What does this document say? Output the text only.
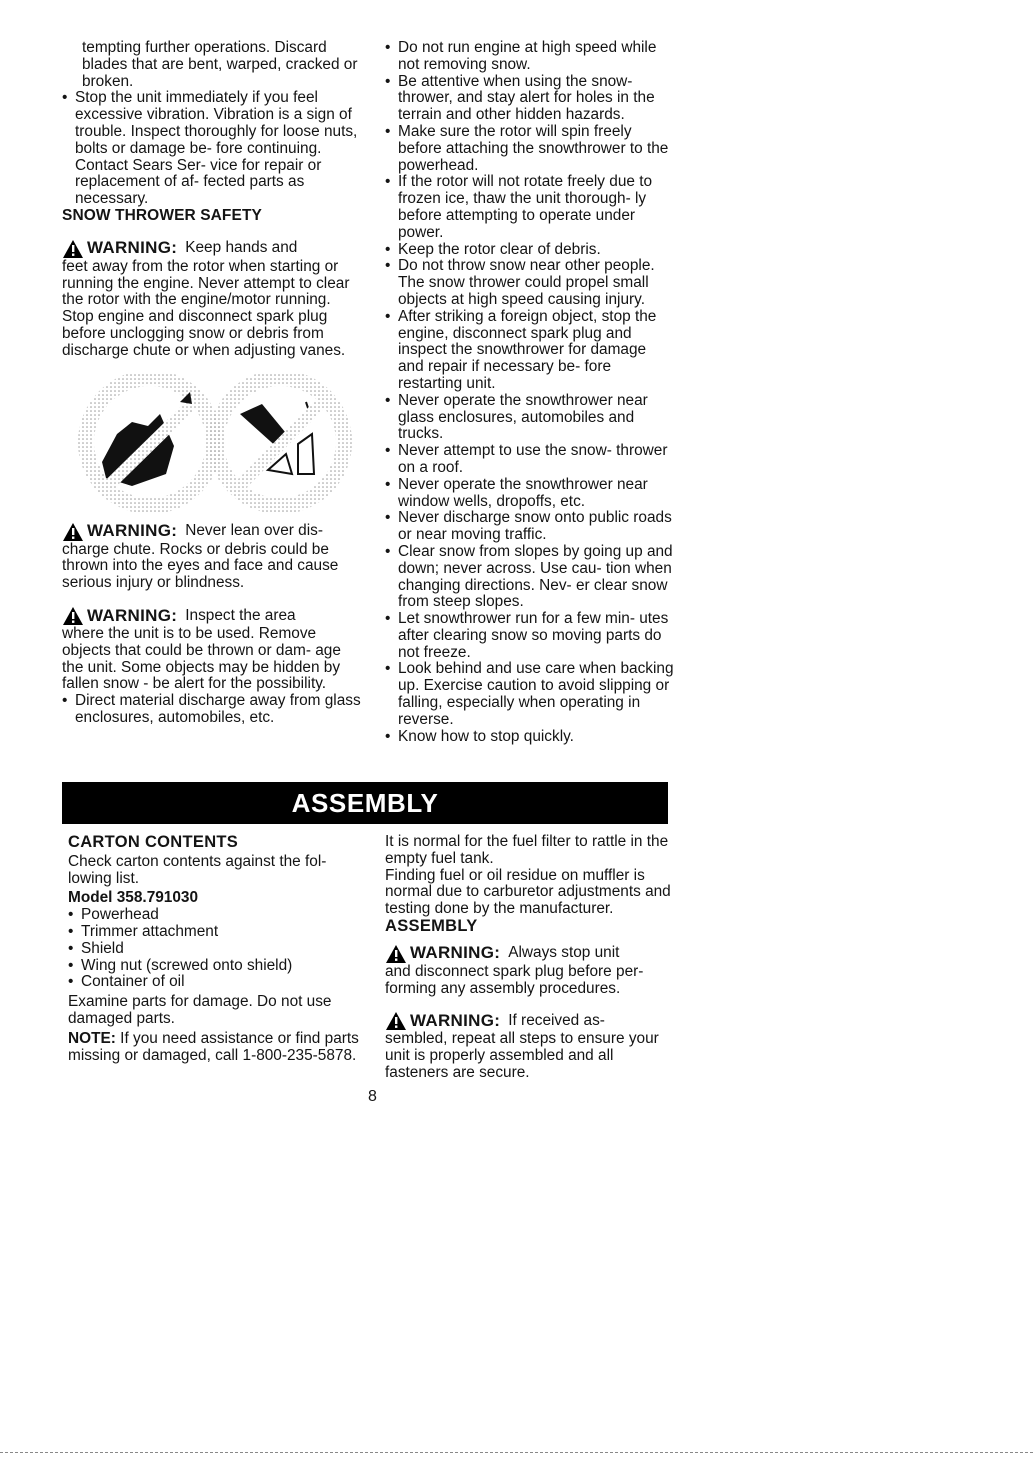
tempting further operations. Discard blades that are bent, warped, cracked or broken.

• Stop the unit immediately if you feel excessive vibration. Vibration is a sign of trouble. Inspect thoroughly for loose nuts, bolts or damage be- fore continuing. Contact Sears Ser- vice for repair or replacement of af- fected parts as necessary.

SNOW THROWER SAFETY

WARNING: Keep hands and

feet away from the rotor when starting or running the engine. Never attempt to clear the rotor with the engine/motor running. Stop engine and disconnect spark plug before unclogging snow or debris from discharge chute or when adjusting vanes.

WARNING: Never lean over dis-

charge chute. Rocks or debris could be thrown into the eyes and face and cause serious injury or blindness.

WARNING: Inspect the area

where the unit is to be used. Remove objects that could be thrown or dam- age the unit. Some objects may be hidden by fallen snow - be alert for the possibility.

• Direct material discharge away from glass enclosures, automobiles, etc.

• Do not run engine at high speed while not removing snow.

• Be attentive when using the snow- thrower, and stay alert for holes in the terrain and other hidden hazards.

• Make sure the rotor will spin freely before attaching the snowthrower to the powerhead.

• If the rotor will not rotate freely due to frozen ice, thaw the unit thorough- ly before attempting to operate under power.

• Keep the rotor clear of debris.

• Do not throw snow near other people. The snow thrower could propel small objects at high speed causing injury.

• After striking a foreign object, stop the engine, disconnect spark plug and inspect the snowthrower for damage and repair if necessary be- fore restarting unit.

• Never operate the snowthrower near glass enclosures, automobiles and trucks.

• Never attempt to use the snow- thrower on a roof.

• Never operate the snowthrower near window wells, dropoffs, etc.

• Never discharge snow onto public roads or near moving traffic.

• Clear snow from slopes by going up and down; never across. Use cau- tion when changing directions. Nev- er clear snow from steep slopes.

• Let snowthrower run for a few min- utes after clearing snow so moving parts do not freeze.

• Look behind and use care when backing up. Exercise caution to avoid slipping or falling, especially when operating in reverse.

• Know how to stop quickly.

ASSEMBLY

CARTON CONTENTS

Check carton contents against the fol- lowing list.

Model 358.791030

• Powerhead

• Trimmer attachment

• Shield

• Wing nut (screwed onto shield)

• Container of oil

Examine parts for damage. Do not use damaged parts.

NOTE: If you need assistance or find parts missing or damaged, call 1-800-235-5878.

It is normal for the fuel filter to rattle in the empty fuel tank.

Finding fuel or oil residue on muffler is normal due to carburetor adjustments and testing done by the manufacturer.

ASSEMBLY

WARNING: Always stop unit

and disconnect spark plug before per- forming any assembly procedures.

WARNING: If received as-

sembled, repeat all steps to ensure your unit is properly assembled and all fasteners are secure.

8
